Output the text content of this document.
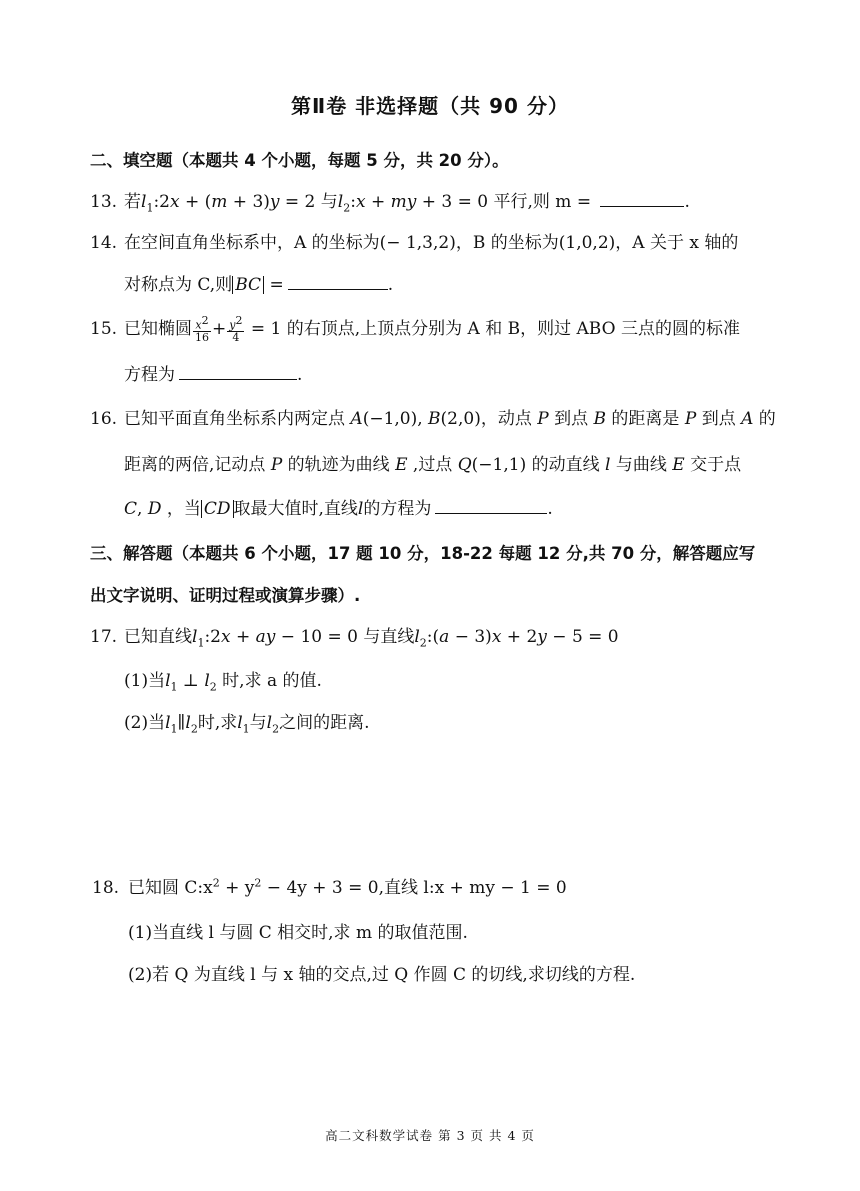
第Ⅱ卷 非选择题（共 90 分）
二、填空题（本题共 4 个小题，每题 5 分，共 20 分）。
13. 若$l_1:2x + (m + 3)y = 2$ 与$l_2:x$ + my + 3 = 0 平行,则 m =	.
14. 在空间直角坐标系中，A 的坐标为(− 1,3,2)，B 的坐标为(1,0,2)，A 关于 x 轴的
对称点为 C,则 BC =	.
15. 已知椭圆 $\frac{x^2}{16} + \frac{y^2}{4} = 1$ 的右顶点,上顶点分别为 A 和 B，则过 ABO 三点的圆的标准
方程为	.
16. 已知平面直角坐标系内两定点 A(−1,0), B(2,0)，动点 P 到点 B 的距离是 P 到点 A 的
距离的两倍,记动点 P 的轨迹为曲线 E ,过点 Q(−1,1) 的动直线 l 与曲线 E 交于点
C, D ，当 CD 取最大值时,直线l的方程为	.
三、解答题（本题共 6 个小题，17 题 10 分，18-22 每题 12 分,共 70 分，解答题应写
出文字说明、证明过程或演算步骤）.
17. 已知直线$l_1:2x$ + ay − 10 = 0 与直线$l_2:(a - 3)x + 2y - 5 = 0$
(1)当$l_1$ ⊥ $l_2$ 时,求 a 的值.
(2)当$l_1\parallel l_2$时,求$l_1$与$l_2$之间的距离.
18. 已知圆 $C:x^2 + y^2 - 4y + 3 = 0$,直线 l:x + my − 1 = 0
(1)当直线 l 与圆 C 相交时,求 m 的取值范围.
(2)若 Q 为直线 l 与 x 轴的交点,过 Q 作圆 C 的切线,求切线的方程.
高二文科数学试卷 第 3 页 共 4 页
